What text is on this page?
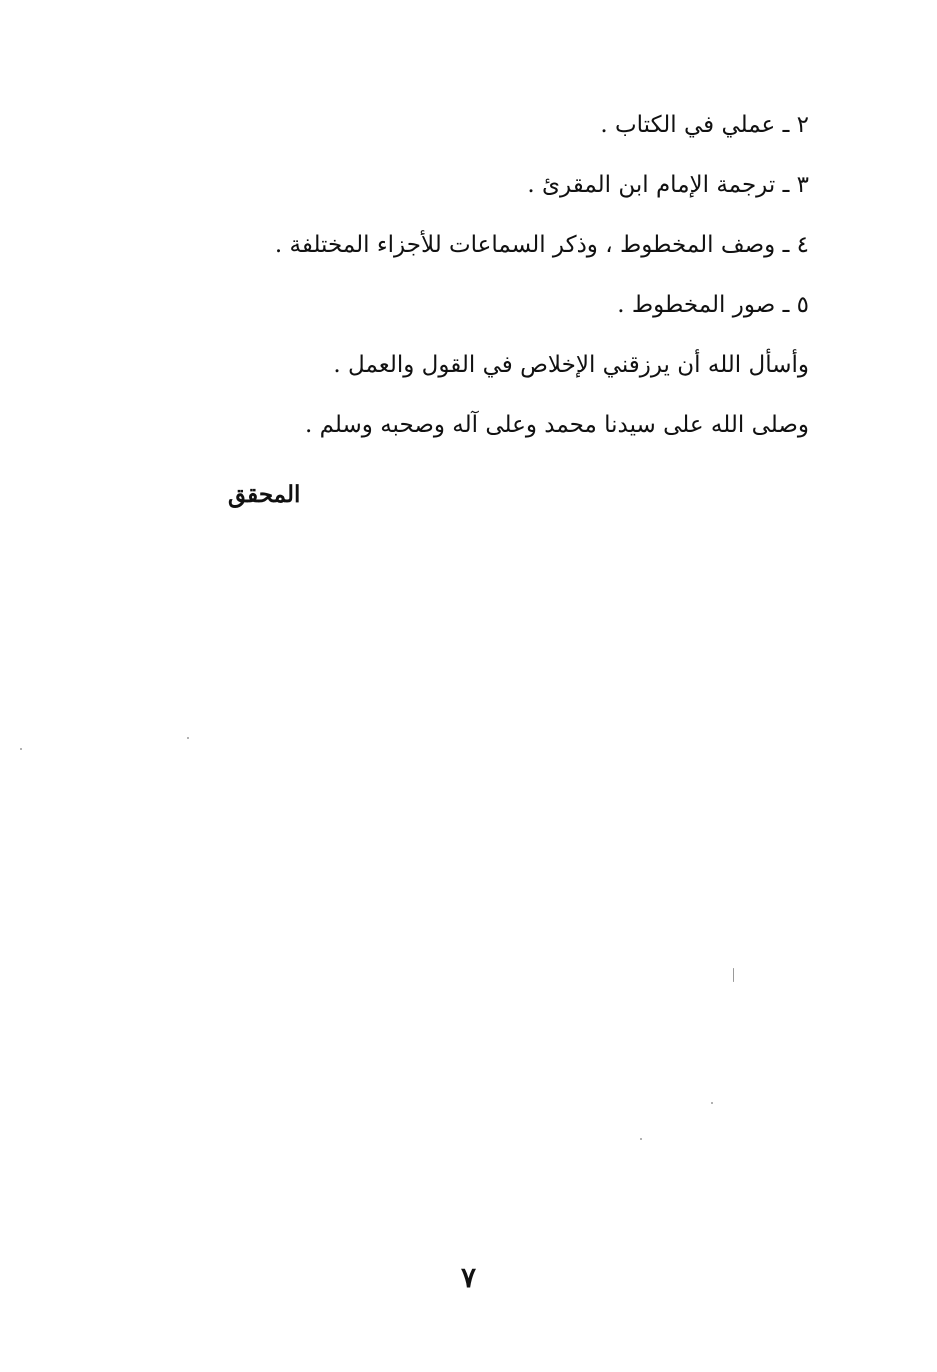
٢ ـ عملي في الكتاب .
٣ ـ ترجمة الإمام ابن المقرئ .
٤ ـ وصف المخطوط ، وذكر السماعات للأجزاء المختلفة .
٥ ـ صور المخطوط .
وأسأل الله أن يرزقني الإخلاص في القول والعمل .
وصلى الله على سيدنا محمد وعلى آله وصحبه وسلم .
المحقق
٧
